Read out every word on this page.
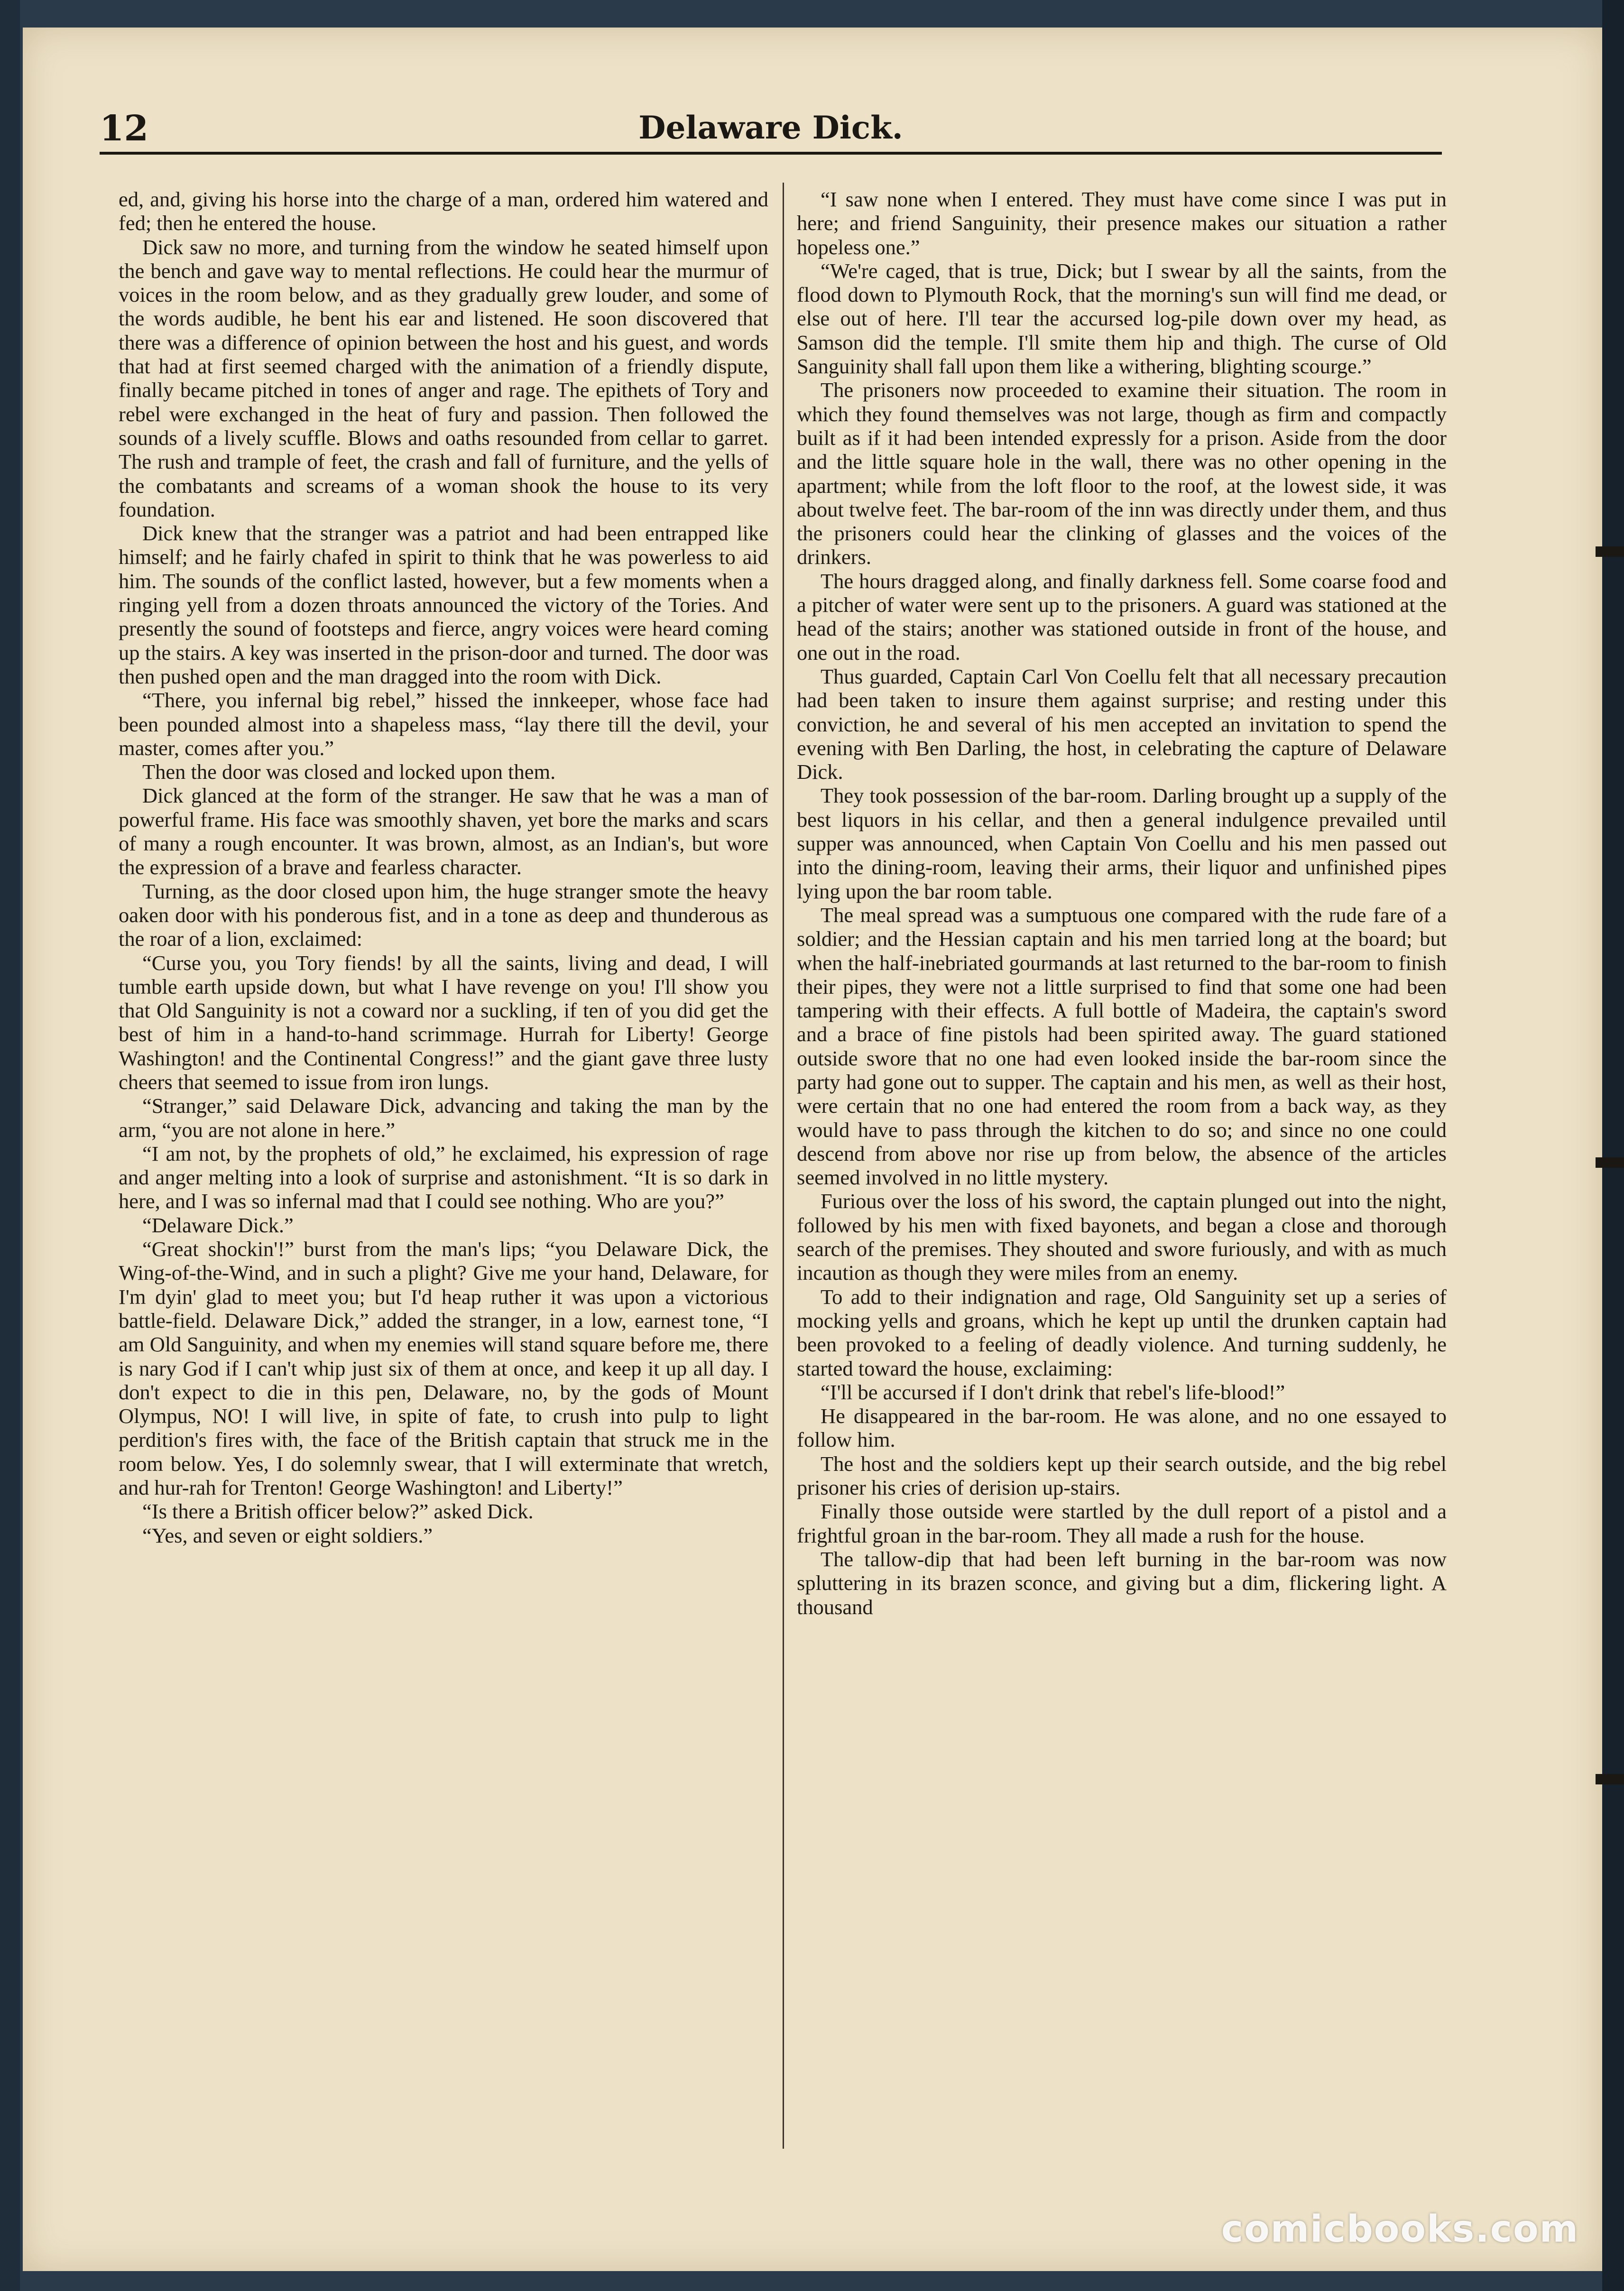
12	Delaware Dick.

ed, and, giving his horse into the charge of a man, ordered him watered and fed; then he entered the house.

Dick saw no more, and turning from the window he seated himself upon the bench and gave way to mental reflections. He could hear the murmur of voices in the room below, and as they gradually grew louder, and some of the words audible, he bent his ear and listened. He soon discovered that there was a difference of opinion between the host and his guest, and words that had at first seemed charged with the animation of a friendly dispute, finally became pitched in tones of anger and rage. The epithets of Tory and rebel were exchanged in the heat of fury and passion. Then followed the sounds of a lively scuffle. Blows and oaths resounded from cellar to garret. The rush and trample of feet, the crash and fall of furniture, and the yells of the combatants and screams of a woman shook the house to its very foundation.

Dick knew that the stranger was a patriot and had been entrapped like himself; and he fairly chafed in spirit to think that he was powerless to aid him. The sounds of the conflict lasted, however, but a few moments when a ringing yell from a dozen throats announced the victory of the Tories. And presently the sound of footsteps and fierce, angry voices were heard coming up the stairs. A key was inserted in the prison-door and turned. The door was then pushed open and the man dragged into the room with Dick.

“There, you infernal big rebel,” hissed the innkeeper, whose face had been pounded almost into a shapeless mass, “lay there till the devil, your master, comes after you.”

Then the door was closed and locked upon them.

Dick glanced at the form of the stranger. He saw that he was a man of powerful frame. His face was smoothly shaven, yet bore the marks and scars of many a rough encounter. It was brown, almost, as an Indian's, but wore the expression of a brave and fearless character.

Turning, as the door closed upon him, the huge stranger smote the heavy oaken door with his ponderous fist, and in a tone as deep and thunderous as the roar of a lion, exclaimed:

“Curse you, you Tory fiends! by all the saints, living and dead, I will tumble earth upside down, but what I have revenge on you! I'll show you that Old Sanguinity is not a coward nor a suckling, if ten of you did get the best of him in a hand-to-hand scrimmage. Hurrah for Liberty! George Washington! and the Continental Congress!” and the giant gave three lusty cheers that seemed to issue from iron lungs.

“Stranger,” said Delaware Dick, advancing and taking the man by the arm, “you are not alone in here.”

“I am not, by the prophets of old,” he exclaimed, his expression of rage and anger melting into a look of surprise and astonishment. “It is so dark in here, and I was so infernal mad that I could see nothing. Who are you?”

“Delaware Dick.”

“Great shockin'!” burst from the man's lips; “you Delaware Dick, the Wing-of-the-Wind, and in such a plight? Give me your hand, Delaware, for I'm dyin' glad to meet you; but I'd heap ruther it was upon a victorious battle-field. Delaware Dick,” added the stranger, in a low, earnest tone, “I am Old Sanguinity, and when my enemies will stand square before me, there is nary God if I can't whip just six of them at once, and keep it up all day. I don't expect to die in this pen, Delaware, no, by the gods of Mount Olympus, NO! I will live, in spite of fate, to crush into pulp to light perdition's fires with, the face of the British captain that struck me in the room below. Yes, I do solemnly swear, that I will exterminate that wretch, and hur-rah for Trenton! George Washington! and Liberty!”

“Is there a British officer below?” asked Dick.

“Yes, and seven or eight soldiers.”

“I saw none when I entered. They must have come since I was put in here; and friend Sanguinity, their presence makes our situation a rather hopeless one.”

“We're caged, that is true, Dick; but I swear by all the saints, from the flood down to Plymouth Rock, that the morning's sun will find me dead, or else out of here. I'll tear the accursed log-pile down over my head, as Samson did the temple. I'll smite them hip and thigh. The curse of Old Sanguinity shall fall upon them like a withering, blighting scourge.”

The prisoners now proceeded to examine their situation. The room in which they found themselves was not large, though as firm and compactly built as if it had been intended expressly for a prison. Aside from the door and the little square hole in the wall, there was no other opening in the apartment; while from the loft floor to the roof, at the lowest side, it was about twelve feet. The bar-room of the inn was directly under them, and thus the prisoners could hear the clinking of glasses and the voices of the drinkers.

The hours dragged along, and finally darkness fell. Some coarse food and a pitcher of water were sent up to the prisoners. A guard was stationed at the head of the stairs; another was stationed outside in front of the house, and one out in the road.

Thus guarded, Captain Carl Von Coellu felt that all necessary precaution had been taken to insure them against surprise; and resting under this conviction, he and several of his men accepted an invitation to spend the evening with Ben Darling, the host, in celebrating the capture of Delaware Dick.

They took possession of the bar-room. Darling brought up a supply of the best liquors in his cellar, and then a general indulgence prevailed until supper was announced, when Captain Von Coellu and his men passed out into the dining-room, leaving their arms, their liquor and unfinished pipes lying upon the bar room table.

The meal spread was a sumptuous one compared with the rude fare of a soldier; and the Hessian captain and his men tarried long at the board; but when the half-inebriated gourmands at last returned to the bar-room to finish their pipes, they were not a little surprised to find that some one had been tampering with their effects. A full bottle of Madeira, the captain's sword and a brace of fine pistols had been spirited away. The guard stationed outside swore that no one had even looked inside the bar-room since the party had gone out to supper. The captain and his men, as well as their host, were certain that no one had entered the room from a back way, as they would have to pass through the kitchen to do so; and since no one could descend from above nor rise up from below, the absence of the articles seemed involved in no little mystery.

Furious over the loss of his sword, the captain plunged out into the night, followed by his men with fixed bayonets, and began a close and thorough search of the premises. They shouted and swore furiously, and with as much incaution as though they were miles from an enemy.

To add to their indignation and rage, Old Sanguinity set up a series of mocking yells and groans, which he kept up until the drunken captain had been provoked to a feeling of deadly violence. And turning suddenly, he started toward the house, exclaiming:

“I'll be accursed if I don't drink that rebel's life-blood!”

He disappeared in the bar-room. He was alone, and no one essayed to follow him.

The host and the soldiers kept up their search outside, and the big rebel prisoner his cries of derision up-stairs.

Finally those outside were startled by the dull report of a pistol and a frightful groan in the bar-room. They all made a rush for the house.

The tallow-dip that had been left burning in the bar-room was now spluttering in its brazen sconce, and giving but a dim, flickering light. A thousand

comicbooks.com
